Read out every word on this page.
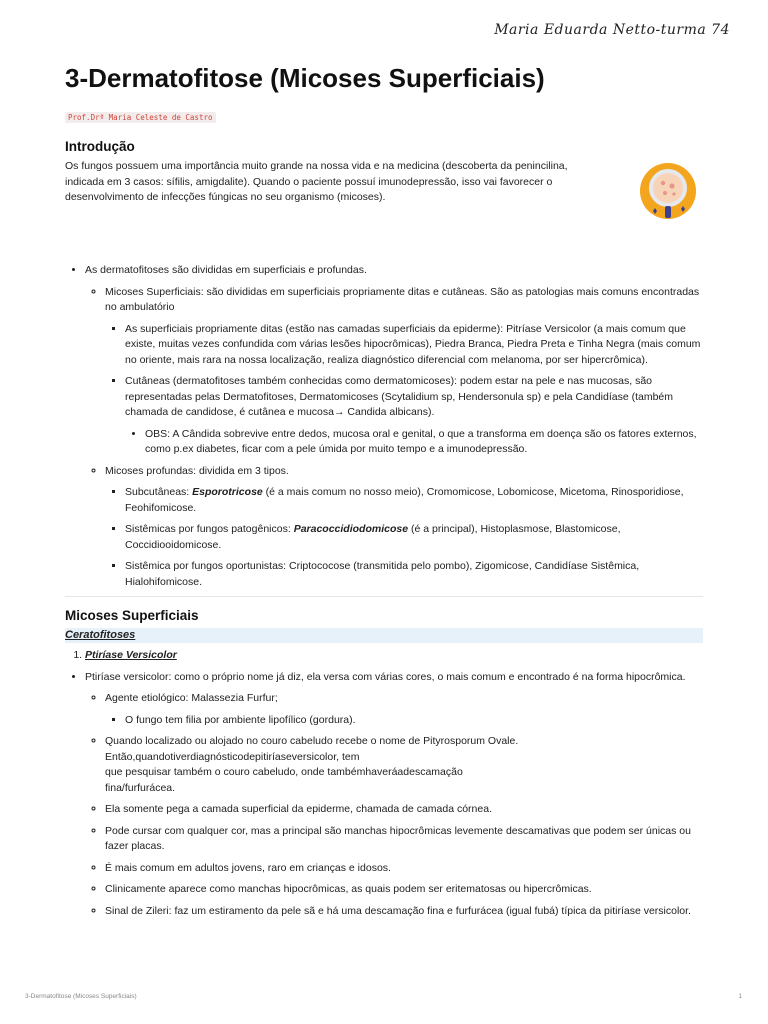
Maria Eduarda Netto-turma 74
3-Dermatofitose (Micoses Superficiais)
Prof.Drª Maria Celeste de Castro
Introdução

Os fungos possuem uma importância muito grande na nossa vida e na medicina (descoberta da penincilina, indicada em 3 casos: sífilis, amigdalite). Quando o paciente possuí imunodepressão, isso vai favorecer o desenvolvimento de infecções fúngicas no seu organismo (micoses).

• As dermatofitoses são divididas em superficiais e profundas.
◦ Micoses Superficiais: são divididas em superficiais propriamente ditas e cutâneas. São as patologias mais comuns encontradas no ambulatório
▪ As superficiais propriamente ditas (estão nas camadas superficiais da epiderme): Pitríase Versicolor (a mais comum que existe, muitas vezes confundida com várias lesões hipocrômicas), Piedra Branca, Piedra Preta e Tinha Negra (mais comum no oriente, mais rara na nossa localização, realiza diagnóstico diferencial com melanoma, por ser hipercrômica).
▪ Cutâneas (dermatofitoses também conhecidas como dermatomicoses): podem estar na pele e nas mucosas, são representadas pelas Dermatofitoses, Dermatomicoses (Scytalidium sp, Hendersonula sp) e pela Candidíase (também chamada de candidose, é cutânea e mucosa→ Candida albicans).
• OBS: A Cândida sobrevive entre dedos, mucosa oral e genital, o que a transforma em doença são os fatores externos, como p.ex diabetes, ficar com a pele úmida por muito tempo e a imunodepressão.
◦ Micoses profundas: dividida em 3 tipos.
▪ Subcutâneas: Esporotricose (é a mais comum no nosso meio), Cromomicose, Lobomicose, Micetoma, Rinosporidiose, Feohifomicose.
▪ Sistêmicas por fungos patogênicos: Paracoccidiodomicose (é a principal), Histoplasmose, Blastomicose, Coccidiooidomicose.
▪ Sistêmica por fungos oportunistas: Criptococose (transmitida pelo pombo), Zigomicose, Candidíase Sistêmica, Hialohifomicose.
Micoses Superficiais
Ceratofitoses
1. Ptiríase Versicolor
• Ptiríase versicolor: como o próprio nome já diz, ela versa com várias cores, o mais comum e encontrado é na forma hipocrômica.
◦ Agente etiológico: Malassezia Furfur;
▪ O fungo tem filia por ambiente lipofílico (gordura).
◦ Quando localizado ou alojado no couro cabeludo recebe o nome de Pityrosporum Ovale.
Então,quandotiverdiagnósticodepitiríaseversicolor, tem
que pesquisar também o couro cabeludo, onde tambémhaveráadescamação
fina/furfurácea.
◦ Ela somente pega a camada superficial da epiderme, chamada de camada córnea.
◦ Pode cursar com qualquer cor, mas a principal são manchas hipocrômicas levemente descamativas que podem ser únicas ou fazer placas.
◦ É mais comum em adultos jovens, raro em crianças e idosos.
◦ Clinicamente aparece como manchas hipocrômicas, as quais podem ser eritematosas ou hipercrômicas.
◦ Sinal de Zileri: faz um estiramento da pele sã e há uma descamação fina e furfurácea (igual fubá) típica da pitiríase versicolor.
3-Dermatofitose (Micoses Superficiais)	1
